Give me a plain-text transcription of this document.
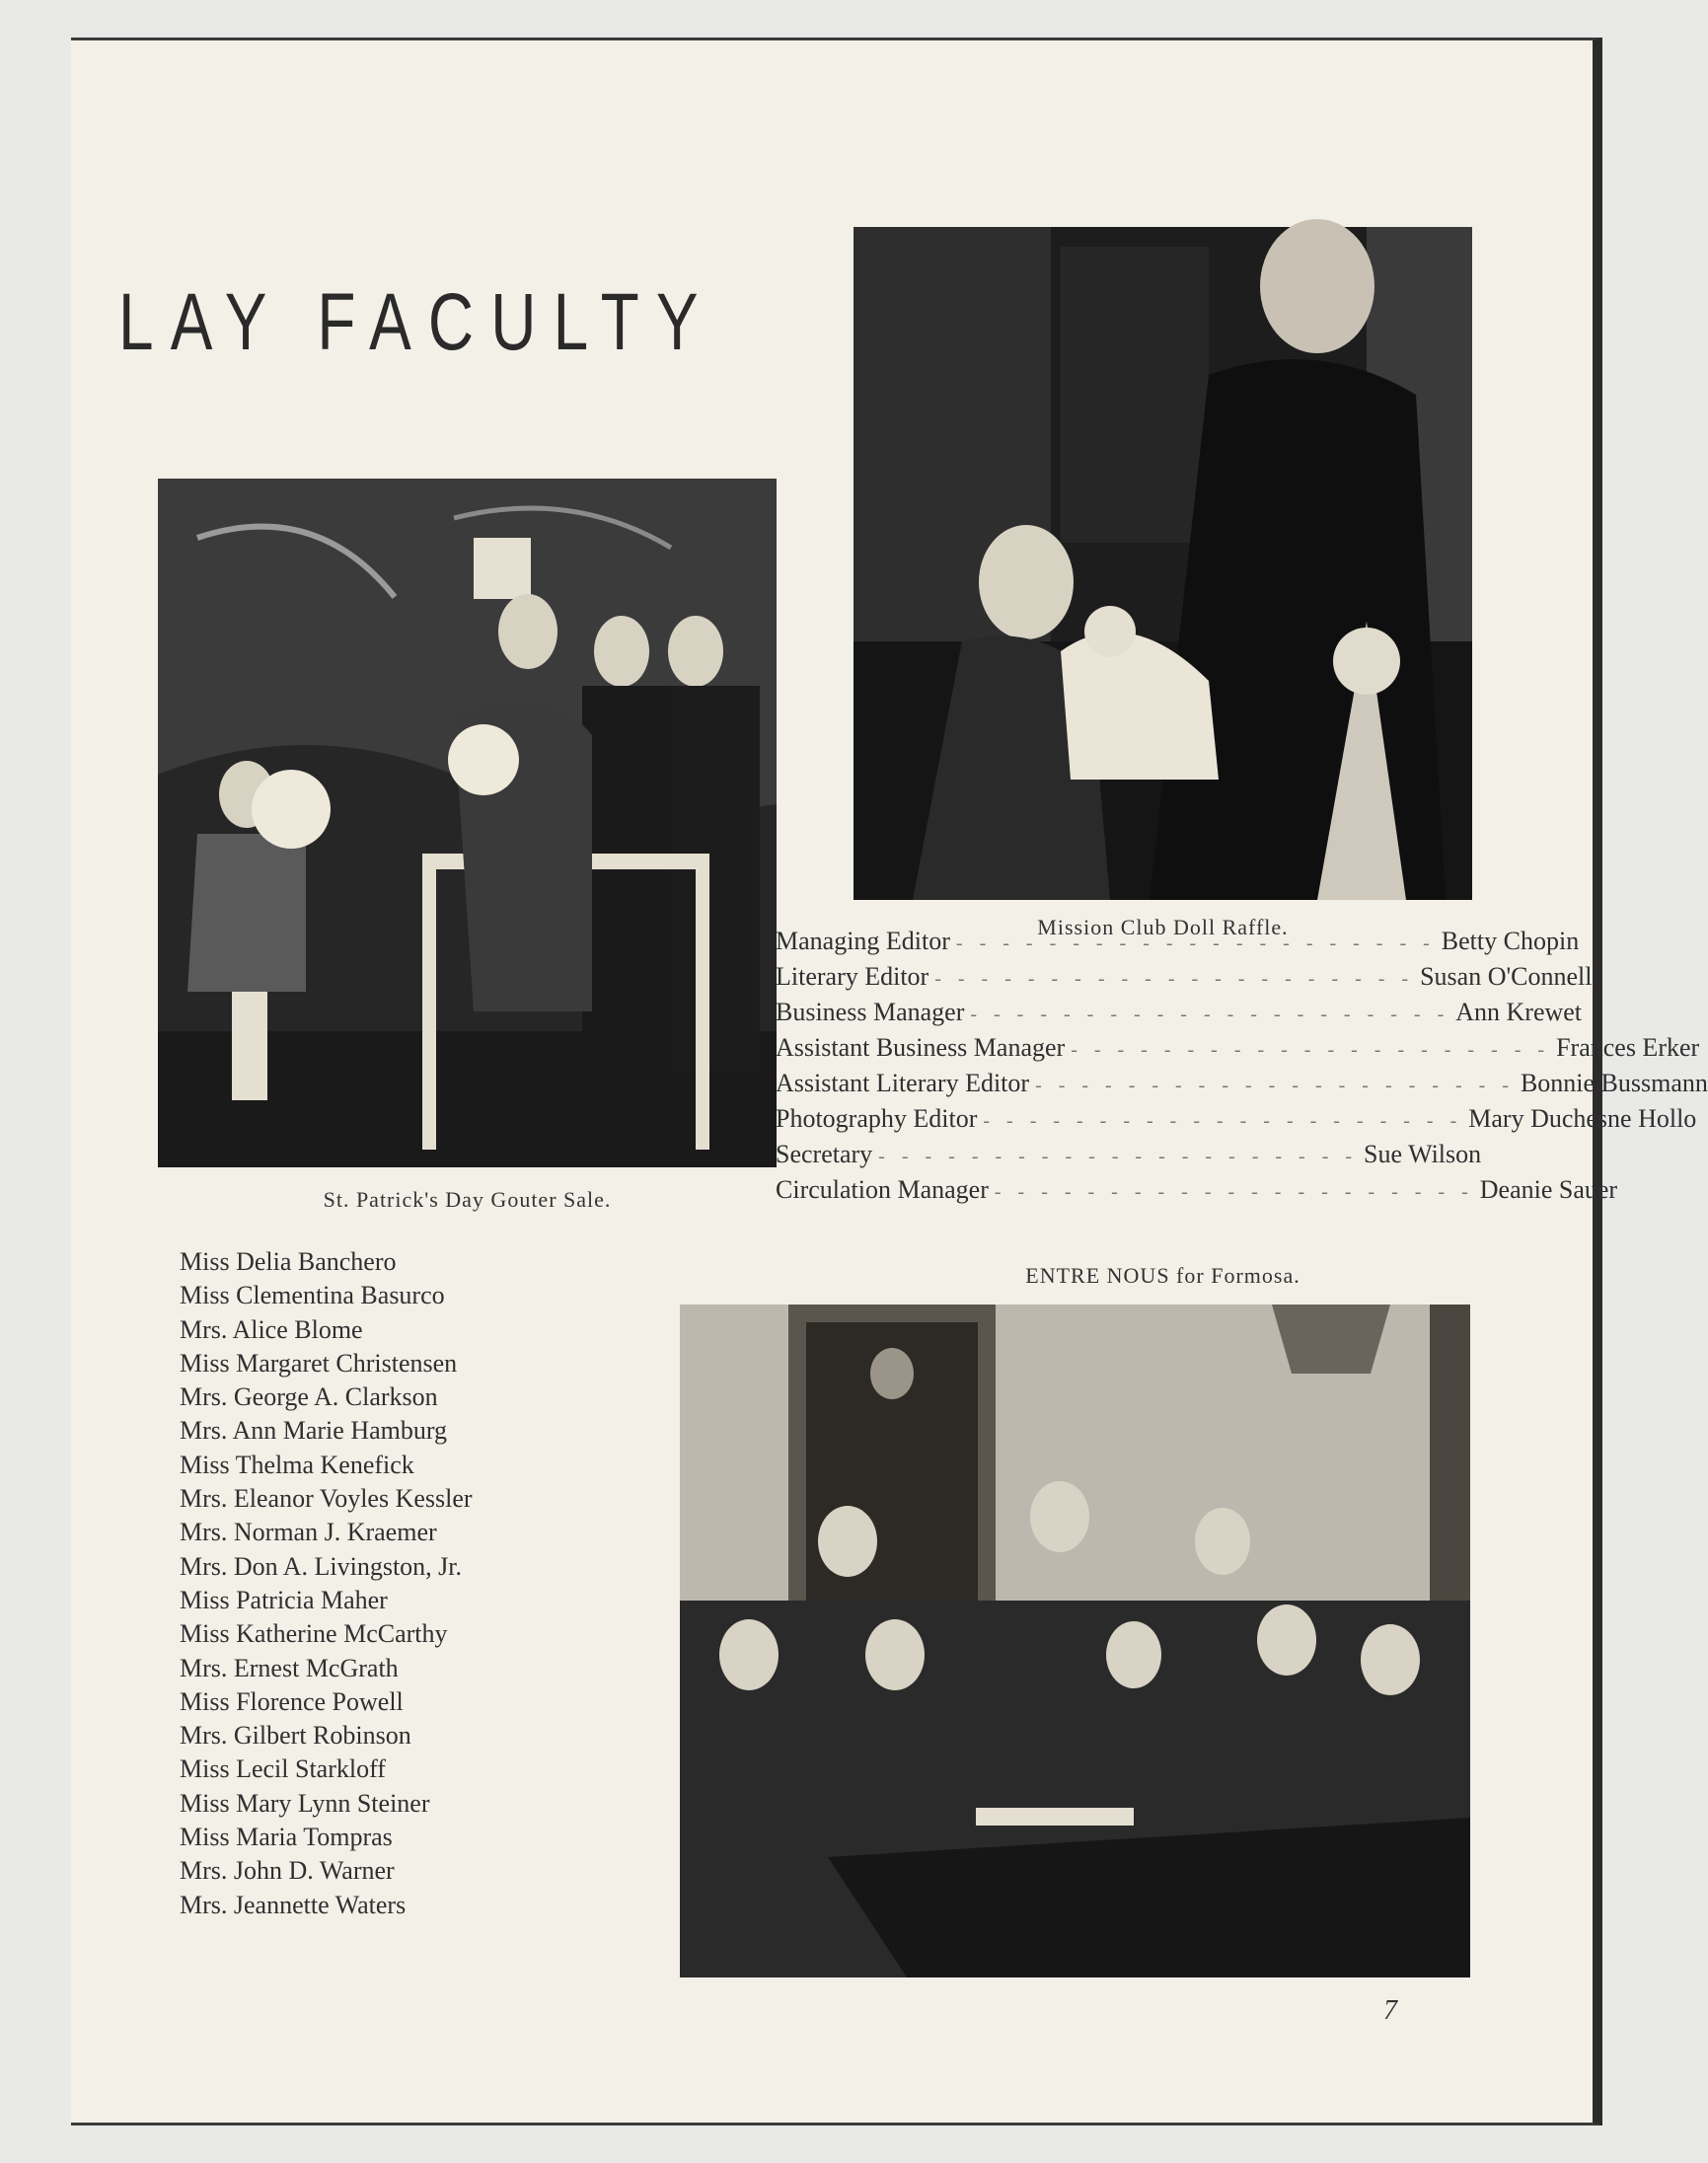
LAY FACULTY
Mission Club Doll Raffle.
St. Patrick's Day Gouter Sale.
Managing Editor - - - - - - - - - - - - - - - - - - - - - Betty Chopin
Literary Editor - - - - - - - - - - - - - - - - - - - - - Susan O'Connell
Business Manager - - - - - - - - - - - - - - - - - - - - - Ann Krewet
Assistant Business Manager - - - - - - - - - - - - - - - - - - - - - Frances Erker
Assistant Literary Editor - - - - - - - - - - - - - - - - - - - - - Bonnie Bussmann
Photography Editor - - - - - - - - - - - - - - - - - - - - - Mary Duchesne Hollo
Secretary - - - - - - - - - - - - - - - - - - - - - Sue Wilson
Circulation Manager - - - - - - - - - - - - - - - - - - - - - Deanie Sauer
ENTRE NOUS for Formosa.
Miss Delia Banchero
Miss Clementina Basurco
Mrs. Alice Blome
Miss Margaret Christensen
Mrs. George A. Clarkson
Mrs. Ann Marie Hamburg
Miss Thelma Kenefick
Mrs. Eleanor Voyles Kessler
Mrs. Norman J. Kraemer
Mrs. Don A. Livingston, Jr.
Miss Patricia Maher
Miss Katherine McCarthy
Mrs. Ernest McGrath
Miss Florence Powell
Mrs. Gilbert Robinson
Miss Lecil Starkloff
Miss Mary Lynn Steiner
Miss Maria Tompras
Mrs. John D. Warner
Mrs. Jeannette Waters
7
